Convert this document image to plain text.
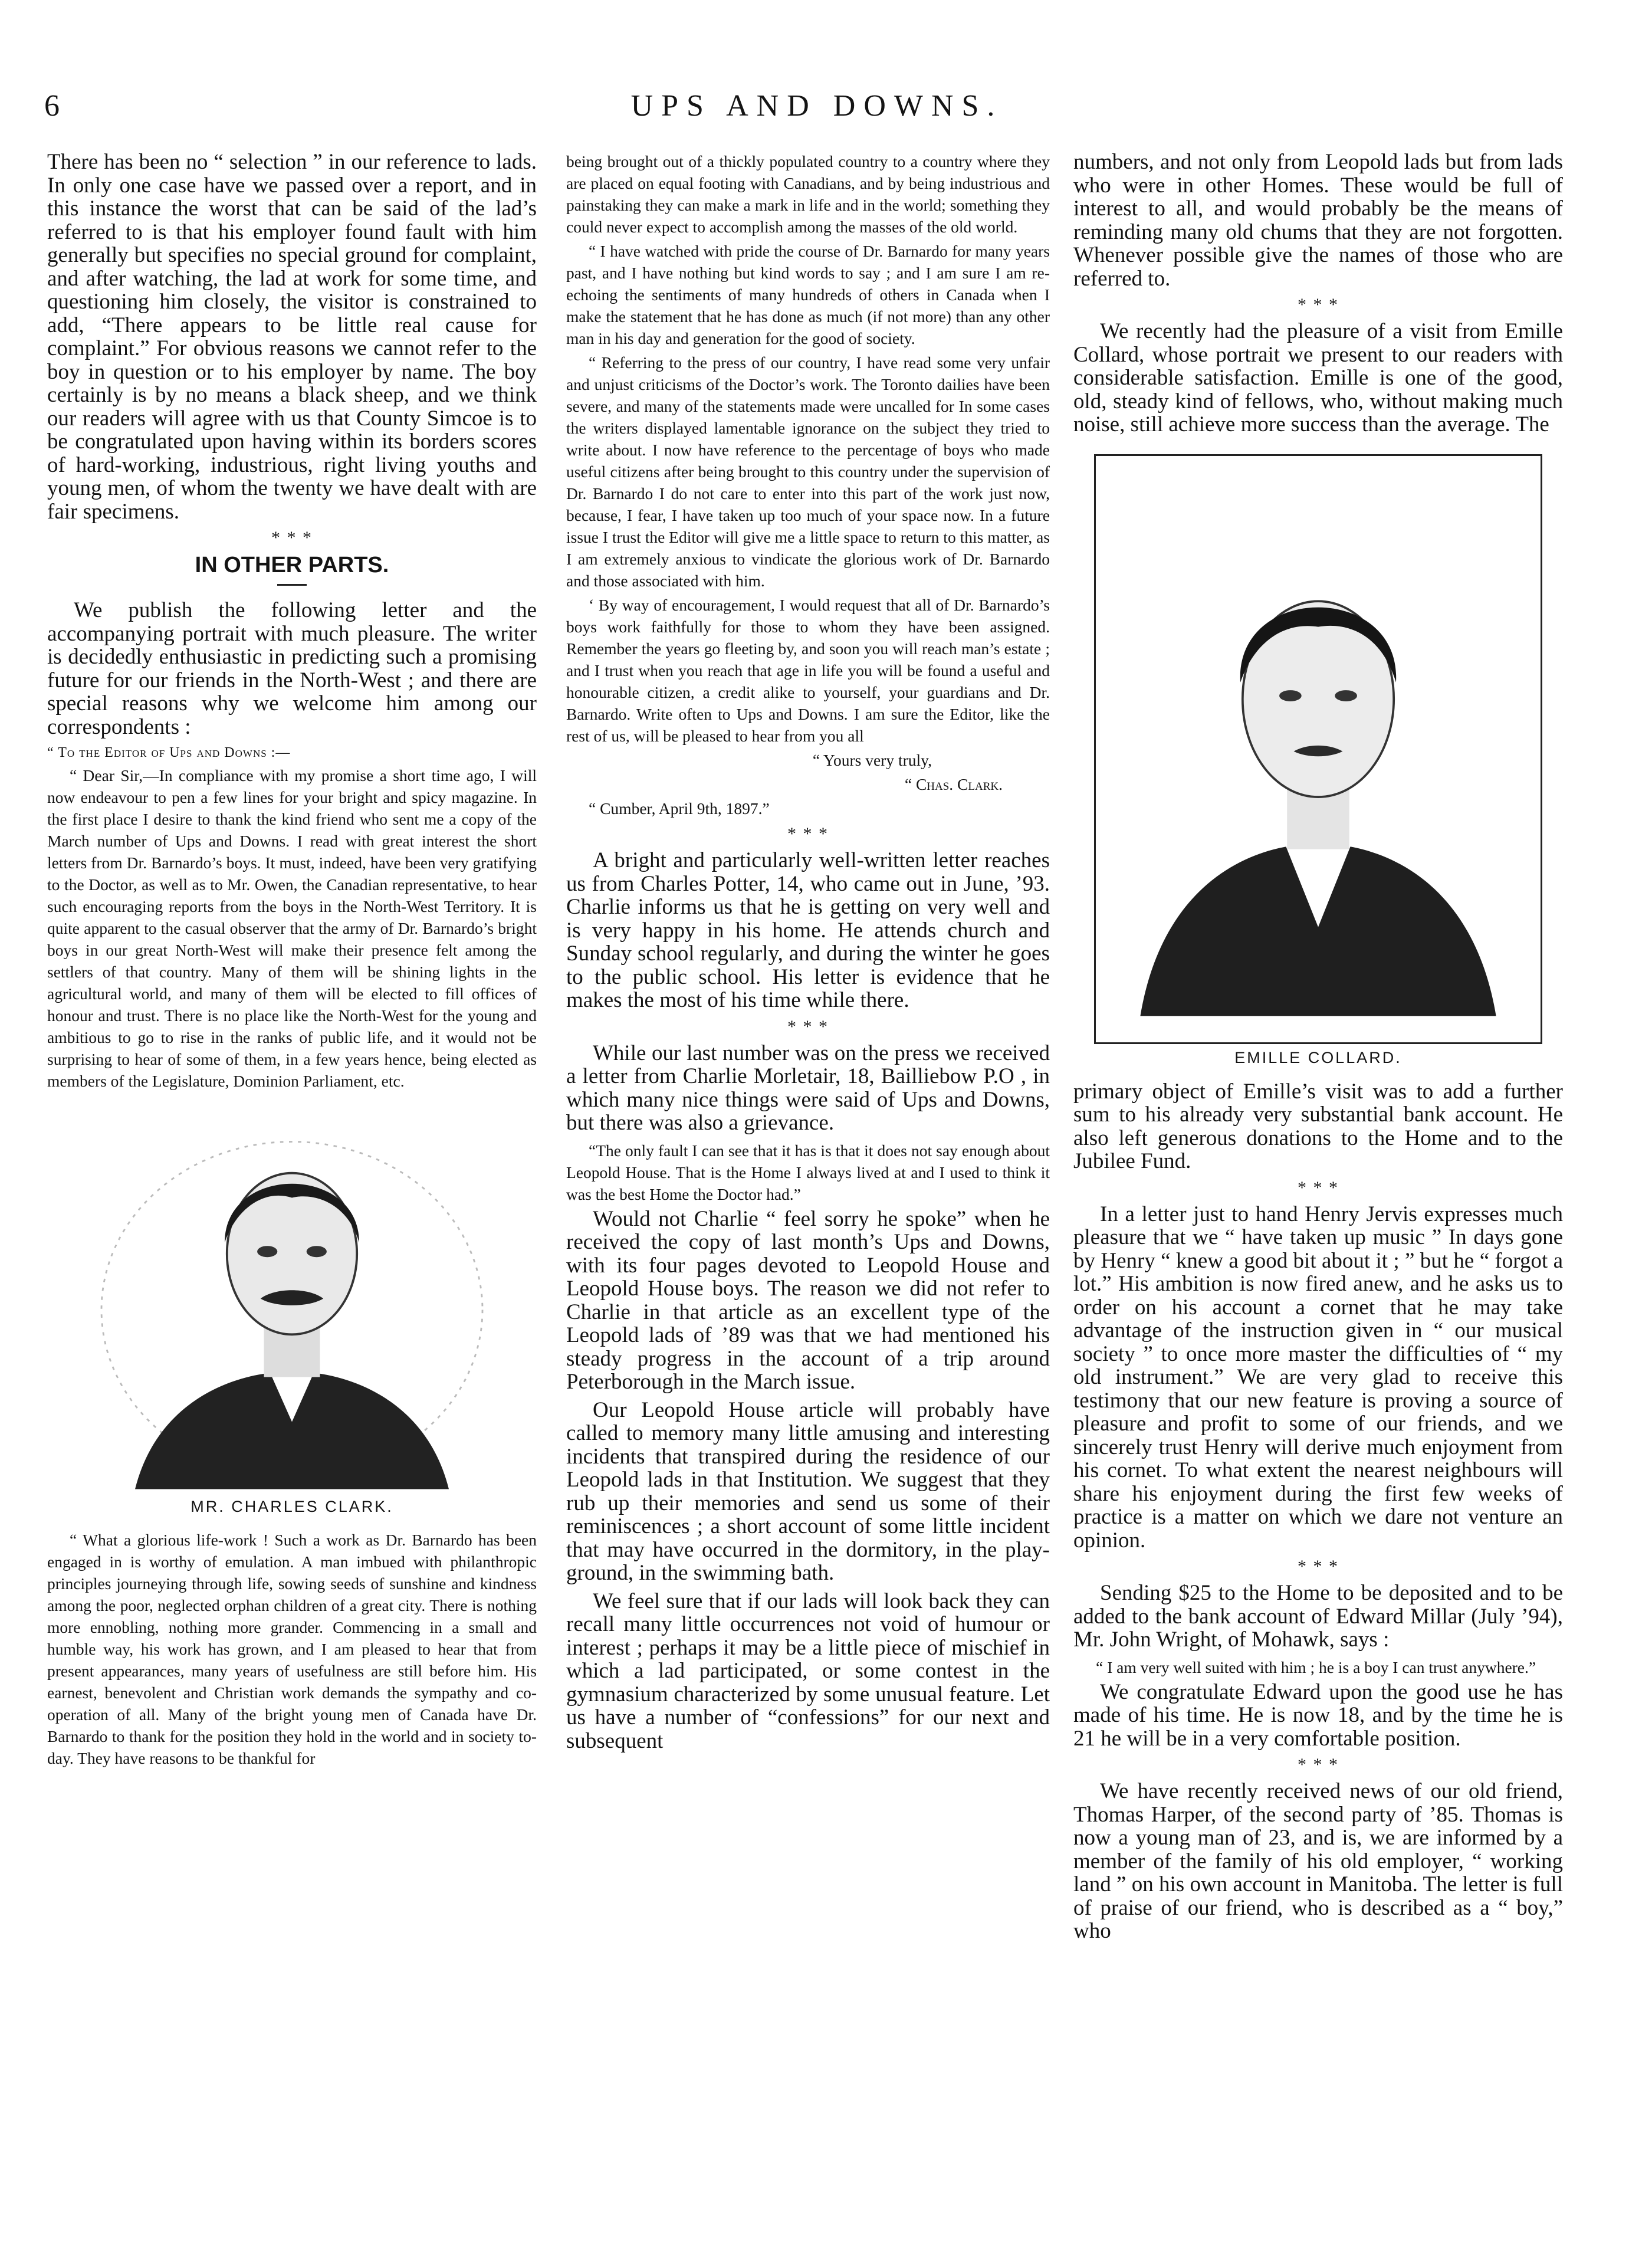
6	UPS AND DOWNS.

There has been no “ selection ” in our reference to lads. In only one case have we passed over a report, and in this instance the worst that can be said of the lad’s referred to is that his employer found fault with him generally but specifies no special ground for complaint, and after watching, the lad at work for some time, and questioning him closely, the visitor is constrained to add, “There appears to be little real cause for complaint.” For obvious reasons we cannot refer to the boy in question or to his employer by name. The boy certainly is by no means a black sheep, and we think our readers will agree with us that County Simcoe is to be congratulated upon having within its borders scores of hard-working, industrious, right living youths and young men, of whom the twenty we have dealt with are fair specimens.

* * *

IN OTHER PARTS.

We publish the following letter and the accompanying portrait with much pleasure. The writer is decidedly enthusiastic in predicting such a promising future for our friends in the North-West ; and there are special reasons why we welcome him among our correspondents :

“ To the Editor of Ups and Downs :—

“ Dear Sir,—In compliance with my promise a short time ago, I will now endeavour to pen a few lines for your bright and spicy magazine. In the first place I desire to thank the kind friend who sent me a copy of the March number of Ups and Downs. I read with great interest the short letters from Dr. Barnardo’s boys. It must, indeed, have been very gratifying to the Doctor, as well as to Mr. Owen, the Canadian representative, to hear such encouraging reports from the boys in the North-West Territory. It is quite apparent to the casual observer that the army of Dr. Barnardo’s bright boys in our great North-West will make their presence felt among the settlers of that country. Many of them will be shining lights in the agricultural world, and many of them will be elected to fill offices of honour and trust. There is no place like the North-West for the young and ambitious to go to rise in the ranks of public life, and it would not be surprising to hear of some of them, in a few years hence, being elected as members of the Legislature, Dominion Parliament, etc.

MR. CHARLES CLARK.

“ What a glorious life-work ! Such a work as Dr. Barnardo has been engaged in is worthy of emulation. A man imbued with philanthropic principles journeying through life, sowing seeds of sunshine and kindness among the poor, neglected orphan children of a great city. There is nothing more ennobling, nothing more grander. Commencing in a small and humble way, his work has grown, and I am pleased to hear that from present appearances, many years of usefulness are still before him. His earnest, benevolent and Christian work demands the sympathy and co-operation of all. Many of the bright young men of Canada have Dr. Barnardo to thank for the position they hold in the world and in society to-day. They have reasons to be thankful for

being brought out of a thickly populated country to a country where they are placed on equal footing with Canadians, and by being industrious and painstaking they can make a mark in life and in the world; something they could never expect to accomplish among the masses of the old world.

“ I have watched with pride the course of Dr. Barnardo for many years past, and I have nothing but kind words to say ; and I am sure I am re-echoing the sentiments of many hundreds of others in Canada when I make the statement that he has done as much (if not more) than any other man in his day and generation for the good of society.

“ Referring to the press of our country, I have read some very unfair and unjust criticisms of the Doctor’s work. The Toronto dailies have been severe, and many of the statements made were uncalled for In some cases the writers displayed lamentable ignorance on the subject they tried to write about. I now have reference to the percentage of boys who made useful citizens after being brought to this country under the supervision of Dr. Barnardo I do not care to enter into this part of the work just now, because, I fear, I have taken up too much of your space now. In a future issue I trust the Editor will give me a little space to return to this matter, as I am extremely anxious to vindicate the glorious work of Dr. Barnardo and those associated with him.

‘ By way of encouragement, I would request that all of Dr. Barnardo’s boys work faithfully for those to whom they have been assigned. Remember the years go fleeting by, and soon you will reach man’s estate ; and I trust when you reach that age in life you will be found a useful and honourable citizen, a credit alike to yourself, your guardians and Dr. Barnardo. Write often to Ups and Downs. I am sure the Editor, like the rest of us, will be pleased to hear from you all

“ Yours very truly,

“ Chas. Clark.

“ Cumber, April 9th, 1897.”

* * *

A bright and particularly well-written letter reaches us from Charles Potter, 14, who came out in June, ’93. Charlie informs us that he is getting on very well and is very happy in his home. He attends church and Sunday school regularly, and during the winter he goes to the public school. His letter is evidence that he makes the most of his time while there.

* * *

While our last number was on the press we received a letter from Charlie Morletair, 18, Bailliebow P.O , in which many nice things were said of Ups and Downs, but there was also a grievance.

“The only fault I can see that it has is that it does not say enough about Leopold House. That is the Home I always lived at and I used to think it was the best Home the Doctor had.”

Would not Charlie “ feel sorry he spoke” when he received the copy of last month’s Ups and Downs, with its four pages devoted to Leopold House and Leopold House boys. The reason we did not refer to Charlie in that article as an excellent type of the Leopold lads of ’89 was that we had mentioned his steady progress in the account of a trip around Peterborough in the March issue.

Our Leopold House article will probably have called to memory many little amusing and interesting incidents that transpired during the residence of our Leopold lads in that Institution. We suggest that they rub up their memories and send us some of their reminiscences ; a short account of some little incident that may have occurred in the dormitory, in the play-ground, in the swimming bath.

We feel sure that if our lads will look back they can recall many little occurrences not void of humour or interest ; perhaps it may be a little piece of mischief in which a lad participated, or some contest in the gymnasium characterized by some unusual feature. Let us have a number of “confessions” for our next and subsequent

numbers, and not only from Leopold lads but from lads who were in other Homes. These would be full of interest to all, and would probably be the means of reminding many old chums that they are not forgotten. Whenever possible give the names of those who are referred to.

* * *

We recently had the pleasure of a visit from Emille Collard, whose portrait we present to our readers with considerable satisfaction. Emille is one of the good, old, steady kind of fellows, who, without making much noise, still achieve more success than the average. The

EMILLE COLLARD.

primary object of Emille’s visit was to add a further sum to his already very substantial bank account. He also left generous donations to the Home and to the Jubilee Fund.

* * *

In a letter just to hand Henry Jervis expresses much pleasure that we “ have taken up music ” In days gone by Henry “ knew a good bit about it ; ” but he “ forgot a lot.” His ambition is now fired anew, and he asks us to order on his account a cornet that he may take advantage of the instruction given in “ our musical society ” to once more master the difficulties of “ my old instrument.” We are very glad to receive this testimony that our new feature is proving a source of pleasure and profit to some of our friends, and we sincerely trust Henry will derive much enjoyment from his cornet. To what extent the nearest neighbours will share his enjoyment during the first few weeks of practice is a matter on which we dare not venture an opinion.

* * *

Sending $25 to the Home to be deposited and to be added to the bank account of Edward Millar (July ’94), Mr. John Wright, of Mohawk, says :

“ I am very well suited with him ; he is a boy I can trust anywhere.”

We congratulate Edward upon the good use he has made of his time. He is now 18, and by the time he is 21 he will be in a very comfortable position.

* * *

We have recently received news of our old friend, Thomas Harper, of the second party of ’85. Thomas is now a young man of 23, and is, we are informed by a member of the family of his old employer, “ working land ” on his own account in Manitoba. The letter is full of praise of our friend, who is described as a “ boy,” who
